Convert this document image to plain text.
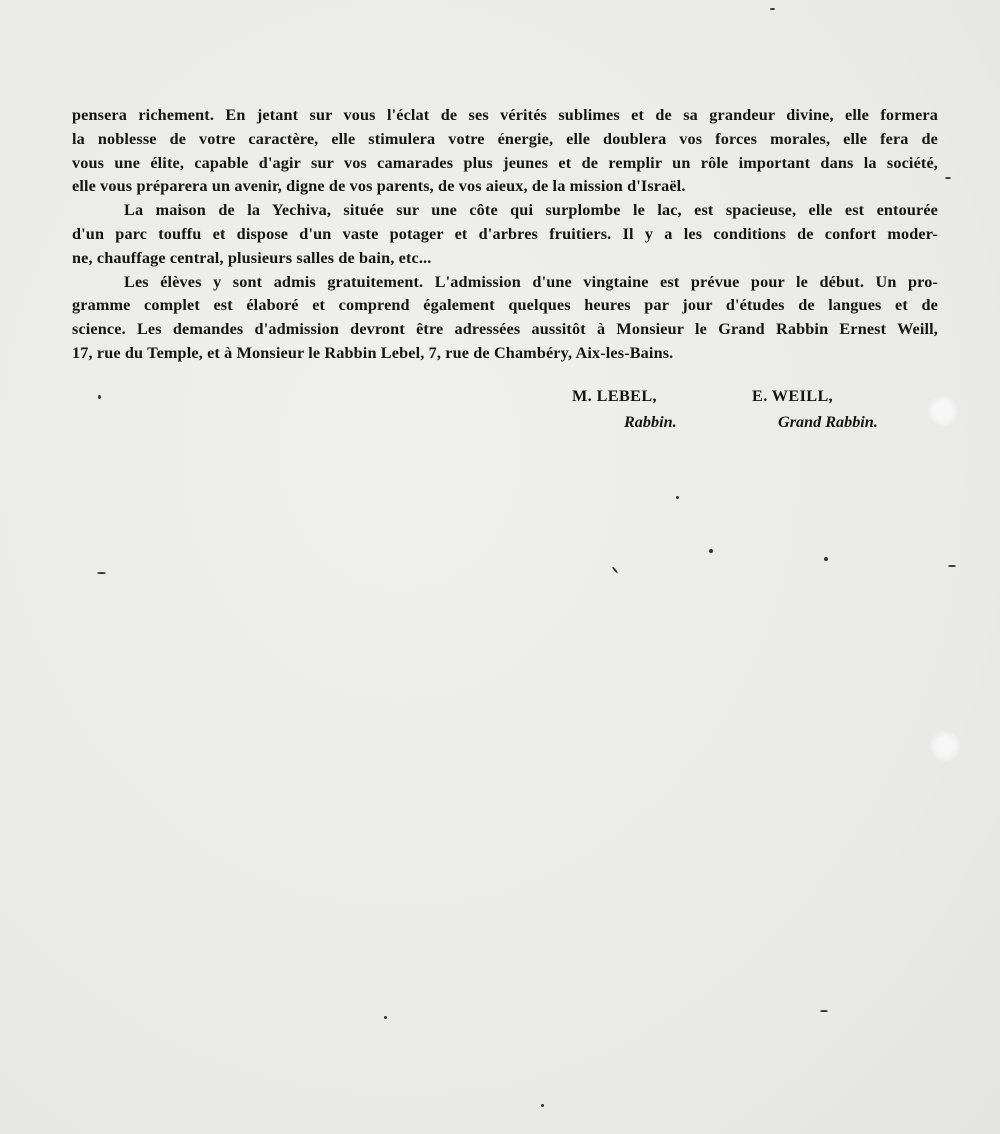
pensera richement. En jetant sur vous l'éclat de ses vérités sublimes et de sa grandeur divine, elle formera
la noblesse de votre caractère, elle stimulera votre énergie, elle doublera vos forces morales, elle fera de
vous une élite, capable d'agir sur vos camarades plus jeunes et de remplir un rôle important dans la société,
elle vous préparera un avenir, digne de vos parents, de vos aieux, de la mission d'Israël.
La maison de la Yechiva, située sur une côte qui surplombe le lac, est spacieuse, elle est entourée
d'un parc touffu et dispose d'un vaste potager et d'arbres fruitiers. Il y a les conditions de confort moder-
ne, chauffage central, plusieurs salles de bain, etc...
Les élèves y sont admis gratuitement. L'admission d'une vingtaine est prévue pour le début. Un pro-
gramme complet est élaboré et comprend également quelques heures par jour d'études de langues et de
science. Les demandes d'admission devront être adressées aussitôt à Monsieur le Grand Rabbin Ernest Weill,
17, rue du Temple, et à Monsieur le Rabbin Lebel, 7, rue de Chambéry, Aix-les-Bains.
M. LEBEL,
Rabbin.
E. WEILL,
Grand Rabbin.
